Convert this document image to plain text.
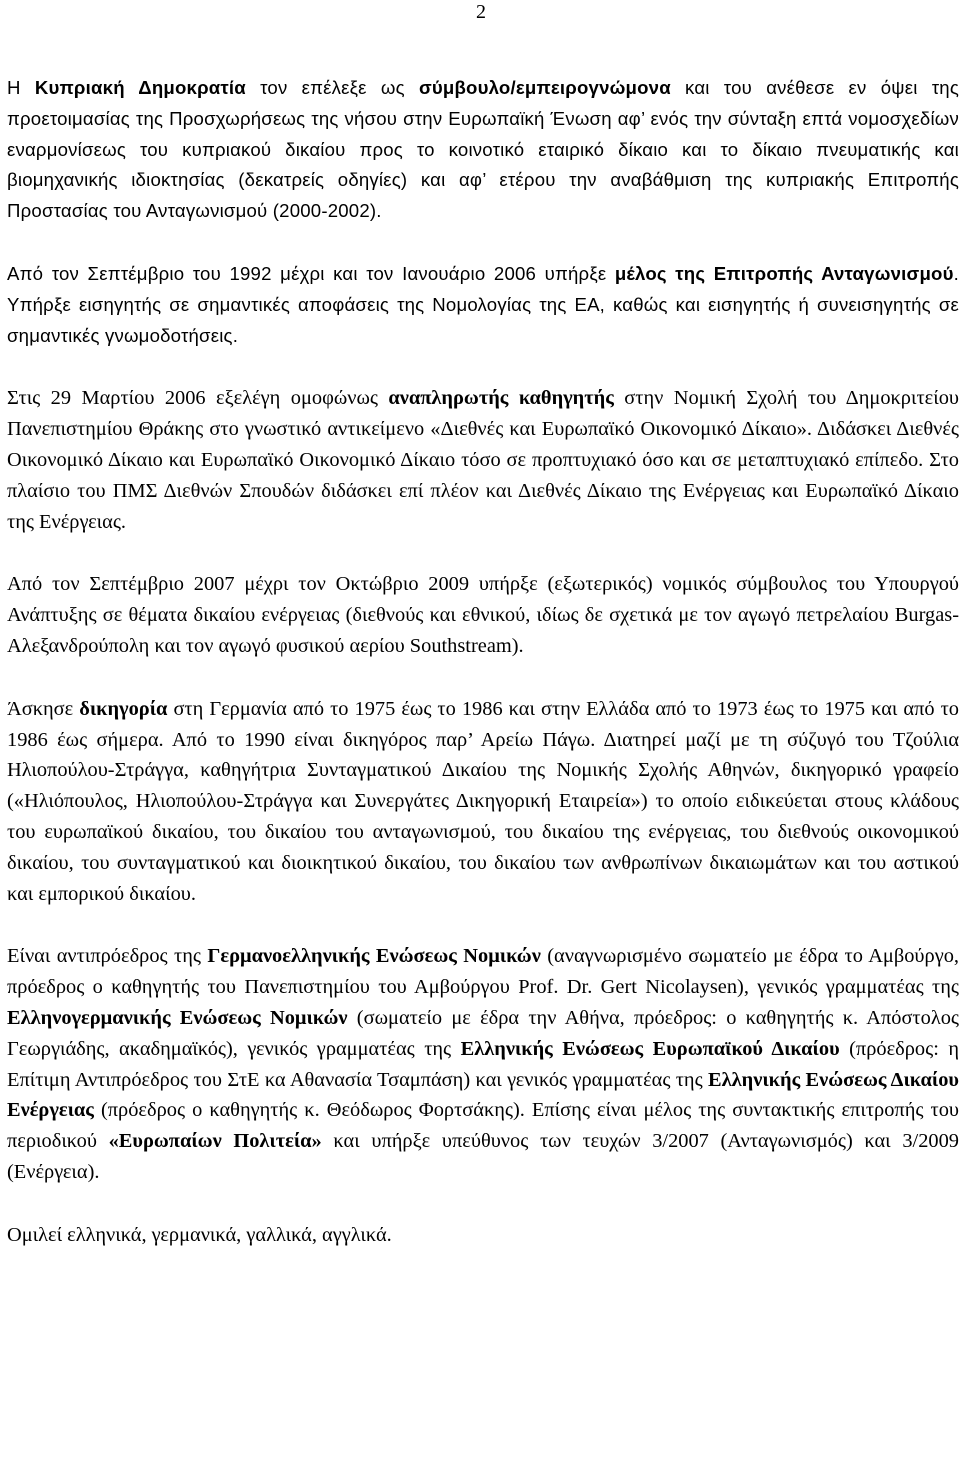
2

Η Κυπριακή Δημοκρατία τον επέλεξε ως σύμβουλο/εμπειρογνώμονα και του ανέθεσε εν όψει της προετοιμασίας της Προσχωρήσεως της νήσου στην Ευρωπαϊκή Ένωση αφ’ ενός την σύνταξη επτά νομοσχεδίων εναρμονίσεως του κυπριακού δικαίου προς το κοινοτικό εταιρικό δίκαιο και το δίκαιο πνευματικής και βιομηχανικής ιδιοκτησίας (δεκατρείς οδηγίες) και αφ’ ετέρου την αναβάθμιση της κυπριακής Επιτροπής Προστασίας του Ανταγωνισμού (2000-2002).

Από τον Σεπτέμβριο του 1992 μέχρι και τον Ιανουάριο 2006 υπήρξε μέλος της Επιτροπής Ανταγωνισμού. Υπήρξε εισηγητής σε σημαντικές αποφάσεις της Νομολογίας της ΕΑ, καθώς και εισηγητής ή συνεισηγητής σε σημαντικές γνωμοδοτήσεις.

Στις 29 Μαρτίου 2006 εξελέγη ομοφώνως αναπληρωτής καθηγητής στην Νομική Σχολή του Δημοκριτείου Πανεπιστημίου Θράκης στο γνωστικό αντικείμενο «Διεθνές και Ευρωπαϊκό Οικονομικό Δίκαιο». Διδάσκει Διεθνές Οικονομικό Δίκαιο και Ευρωπαϊκό Οικονομικό Δίκαιο τόσο σε προπτυχιακό όσο και σε μεταπτυχιακό επίπεδο. Στο πλαίσιο του ΠΜΣ Διεθνών Σπουδών διδάσκει επί πλέον και Διεθνές Δίκαιο της Ενέργειας και Ευρωπαϊκό Δίκαιο της Ενέργειας.

Από τον Σεπτέμβριο 2007 μέχρι τον Οκτώβριο 2009 υπήρξε (εξωτερικός) νομικός σύμβουλος του Υπουργού Ανάπτυξης σε θέματα δικαίου ενέργειας (διεθνούς και εθνικού, ιδίως δε σχετικά με τον αγωγό πετρελαίου Burgas-Αλεξανδρούπολη και τον αγωγό φυσικού αερίου Southstream).

Άσκησε δικηγορία στη Γερμανία από το 1975 έως το 1986 και στην Ελλάδα από το 1973 έως το 1975 και από το 1986 έως σήμερα. Από το 1990 είναι δικηγόρος παρ’ Αρείω Πάγω. Διατηρεί μαζί με τη σύζυγό του Τζούλια Ηλιοπούλου-Στράγγα, καθηγήτρια Συνταγματικού Δικαίου της Νομικής Σχολής Αθηνών, δικηγορικό γραφείο («Ηλιόπουλος, Ηλιοπούλου-Στράγγα και Συνεργάτες Δικηγορική Εταιρεία») το οποίο ειδικεύεται στους κλάδους του ευρωπαϊκού δικαίου, του δικαίου του ανταγωνισμού, του δικαίου της ενέργειας, του διεθνούς οικονομικού δικαίου, του συνταγματικού και διοικητικού δικαίου, του δικαίου των ανθρωπίνων δικαιωμάτων και του αστικού και εμπορικού δικαίου.

Είναι αντιπρόεδρος της Γερμανοελληνικής Ενώσεως Νομικών (αναγνωρισμένο σωματείο με έδρα το Αμβούργο, πρόεδρος ο καθηγητής του Πανεπιστημίου του Αμβούργου Prof. Dr. Gert Nicolaysen), γενικός γραμματέας της Ελληνογερμανικής Ενώσεως Νομικών (σωματείο με έδρα την Αθήνα, πρόεδρος: ο καθηγητής κ. Απόστολος Γεωργιάδης, ακαδημαϊκός), γενικός γραμματέας της Ελληνικής Ενώσεως Ευρωπαϊκού Δικαίου (πρόεδρος: η Επίτιμη Αντιπρόεδρος του ΣτΕ κα Αθανασία Τσαμπάση) και γενικός γραμματέας της Ελληνικής Ενώσεως Δικαίου Ενέργειας (πρόεδρος ο καθηγητής κ. Θεόδωρος Φορτσάκης). Επίσης είναι μέλος της συντακτικής επιτροπής του περιοδικού «Ευρωπαίων Πολιτεία» και υπήρξε υπεύθυνος των τευχών 3/2007 (Ανταγωνισμός) και 3/2009 (Ενέργεια).

Ομιλεί ελληνικά, γερμανικά, γαλλικά, αγγλικά.
